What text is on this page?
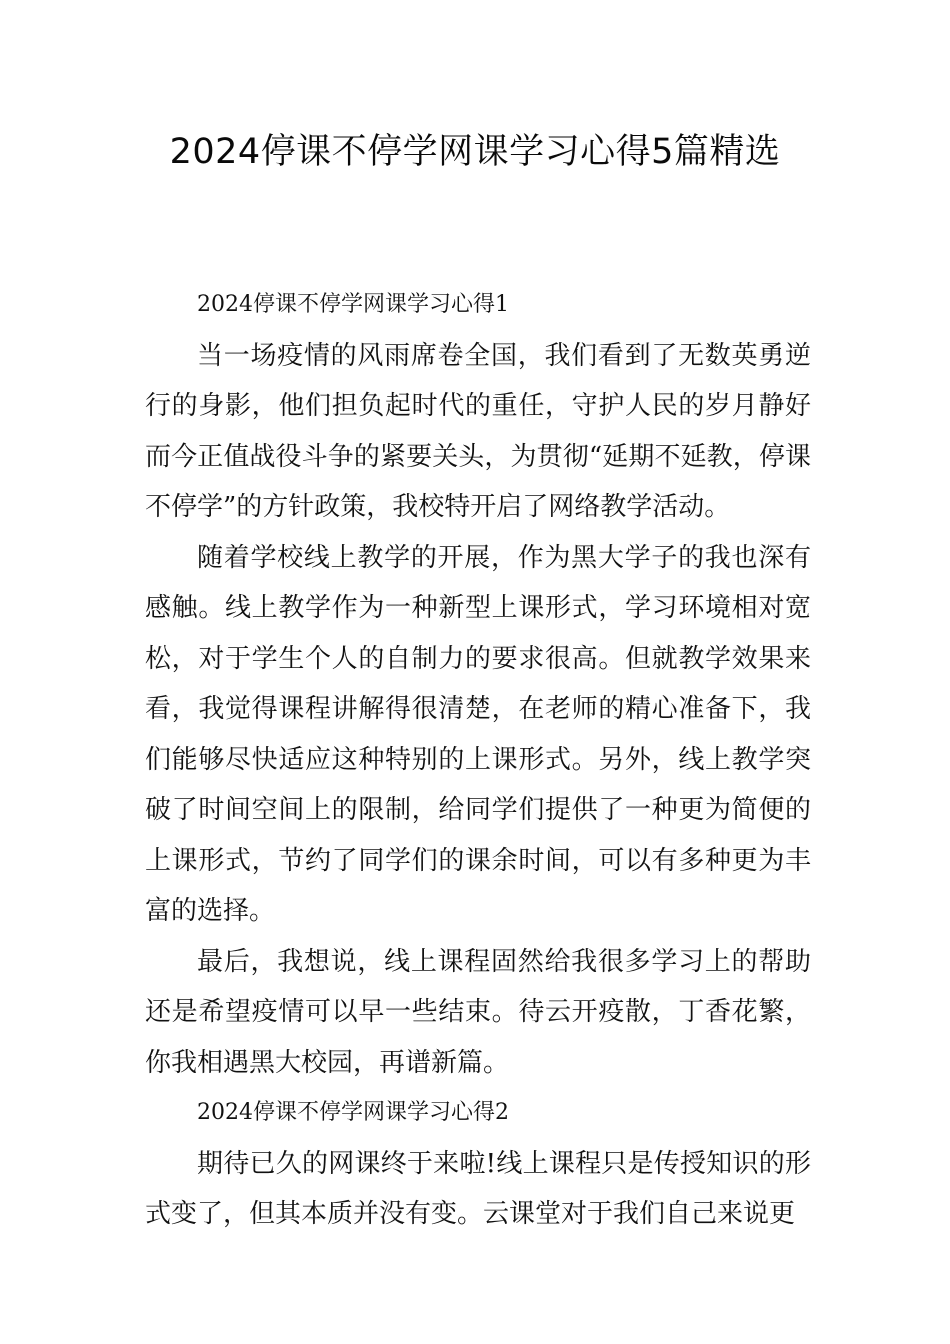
2024停课不停学网课学习心得5篇精选
2024停课不停学网课学习心得1

当一场疫情的风雨席卷全国，我们看到了无数英勇逆行的身影，他们担负起时代的重任，守护人民的岁月静好而今正值战役斗争的紧要关头，为贯彻“延期不延教，停课不停学”的方针政策，我校特开启了网络教学活动。

随着学校线上教学的开展，作为黑大学子的我也深有感触。线上教学作为一种新型上课形式，学习环境相对宽松，对于学生个人的自制力的要求很高。但就教学效果来看，我觉得课程讲解得很清楚，在老师的精心准备下，我们能够尽快适应这种特别的上课形式。另外，线上教学突破了时间空间上的限制，给同学们提供了一种更为简便的上课形式，节约了同学们的课余时间，可以有多种更为丰富的选择。

最后，我想说，线上课程固然给我很多学习上的帮助还是希望疫情可以早一些结束。待云开疫散，丁香花繁，你我相遇黑大校园，再谱新篇。

2024停课不停学网课学习心得2

期待已久的网课终于来啦!线上课程只是传授知识的形式变了，但其本质并没有变。云课堂对于我们自己来说更
